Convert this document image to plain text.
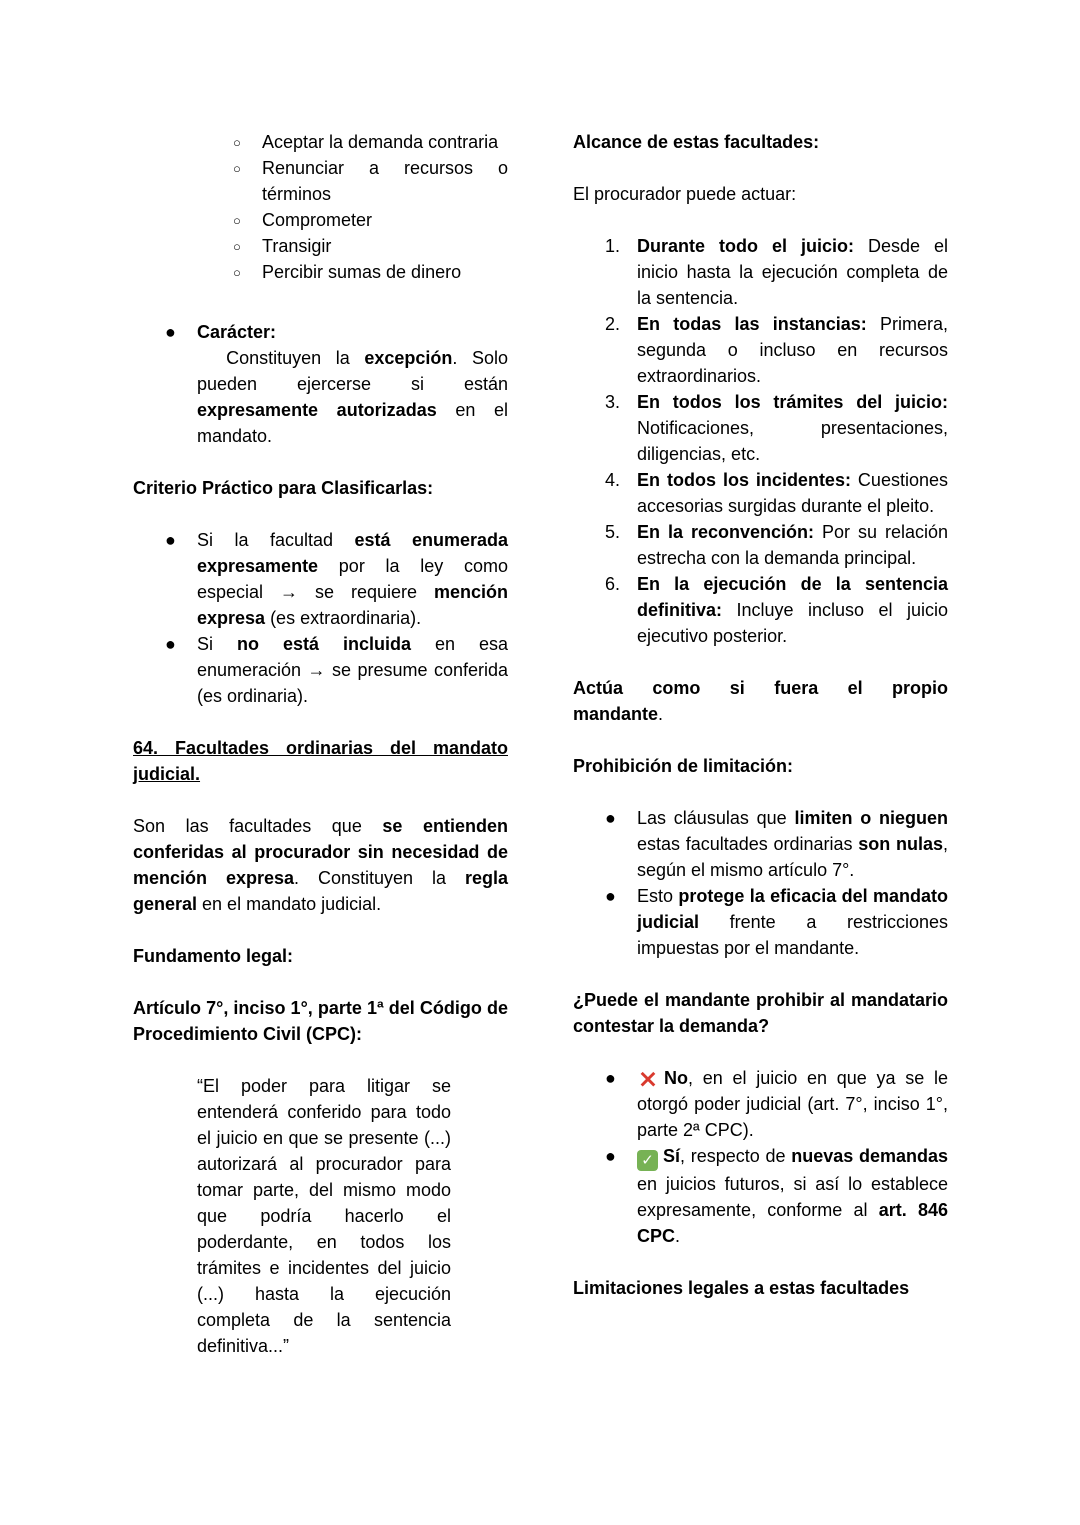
○ Aceptar la demanda contraria
○ Renunciar a recursos o términos
○ Comprometer
○ Transigir
○ Percibir sumas de dinero
● Carácter:
Constituyen la excepción. Solo pueden ejercerse si están expresamente autorizadas en el mandato.
Criterio Práctico para Clasificarlas:
● Si la facultad está enumerada expresamente por la ley como especial → se requiere mención expresa (es extraordinaria).
● Si no está incluida en esa enumeración → se presume conferida (es ordinaria).
64. Facultades ordinarias del mandato judicial.
Son las facultades que se entienden conferidas al procurador sin necesidad de mención expresa. Constituyen la regla general en el mandato judicial.
Fundamento legal:
Artículo 7°, inciso 1°, parte 1ª del Código de Procedimiento Civil (CPC):
“El poder para litigar se entenderá conferido para todo el juicio en que se presente (...) autorizará al procurador para tomar parte, del mismo modo que podría hacerlo el poderdante, en todos los trámites e incidentes del juicio (...) hasta la ejecución completa de la sentencia definitiva...”
Alcance de estas facultades:
El procurador puede actuar:
1. Durante todo el juicio: Desde el inicio hasta la ejecución completa de la sentencia.
2. En todas las instancias: Primera, segunda o incluso en recursos extraordinarios.
3. En todos los trámites del juicio: Notificaciones, presentaciones, diligencias, etc.
4. En todos los incidentes: Cuestiones accesorias surgidas durante el pleito.
5. En la reconvención: Por su relación estrecha con la demanda principal.
6. En la ejecución de la sentencia definitiva: Incluye incluso el juicio ejecutivo posterior.
Actúa como si fuera el propio
mandante.
Prohibición de limitación:
● Las cláusulas que limiten o nieguen estas facultades ordinarias son nulas, según el mismo artículo 7°.
● Esto protege la eficacia del mandato judicial frente a restricciones impuestas por el mandante.
¿Puede el mandante prohibir al mandatario contestar la demanda?
● × No, en el juicio en que ya se le otorgó poder judicial (art. 7°, inciso 1°, parte 2ª CPC).
● ✓ Sí, respecto de nuevas demandas en juicios futuros, si así lo establece expresamente, conforme al art. 846 CPC.
Limitaciones legales a estas facultades
